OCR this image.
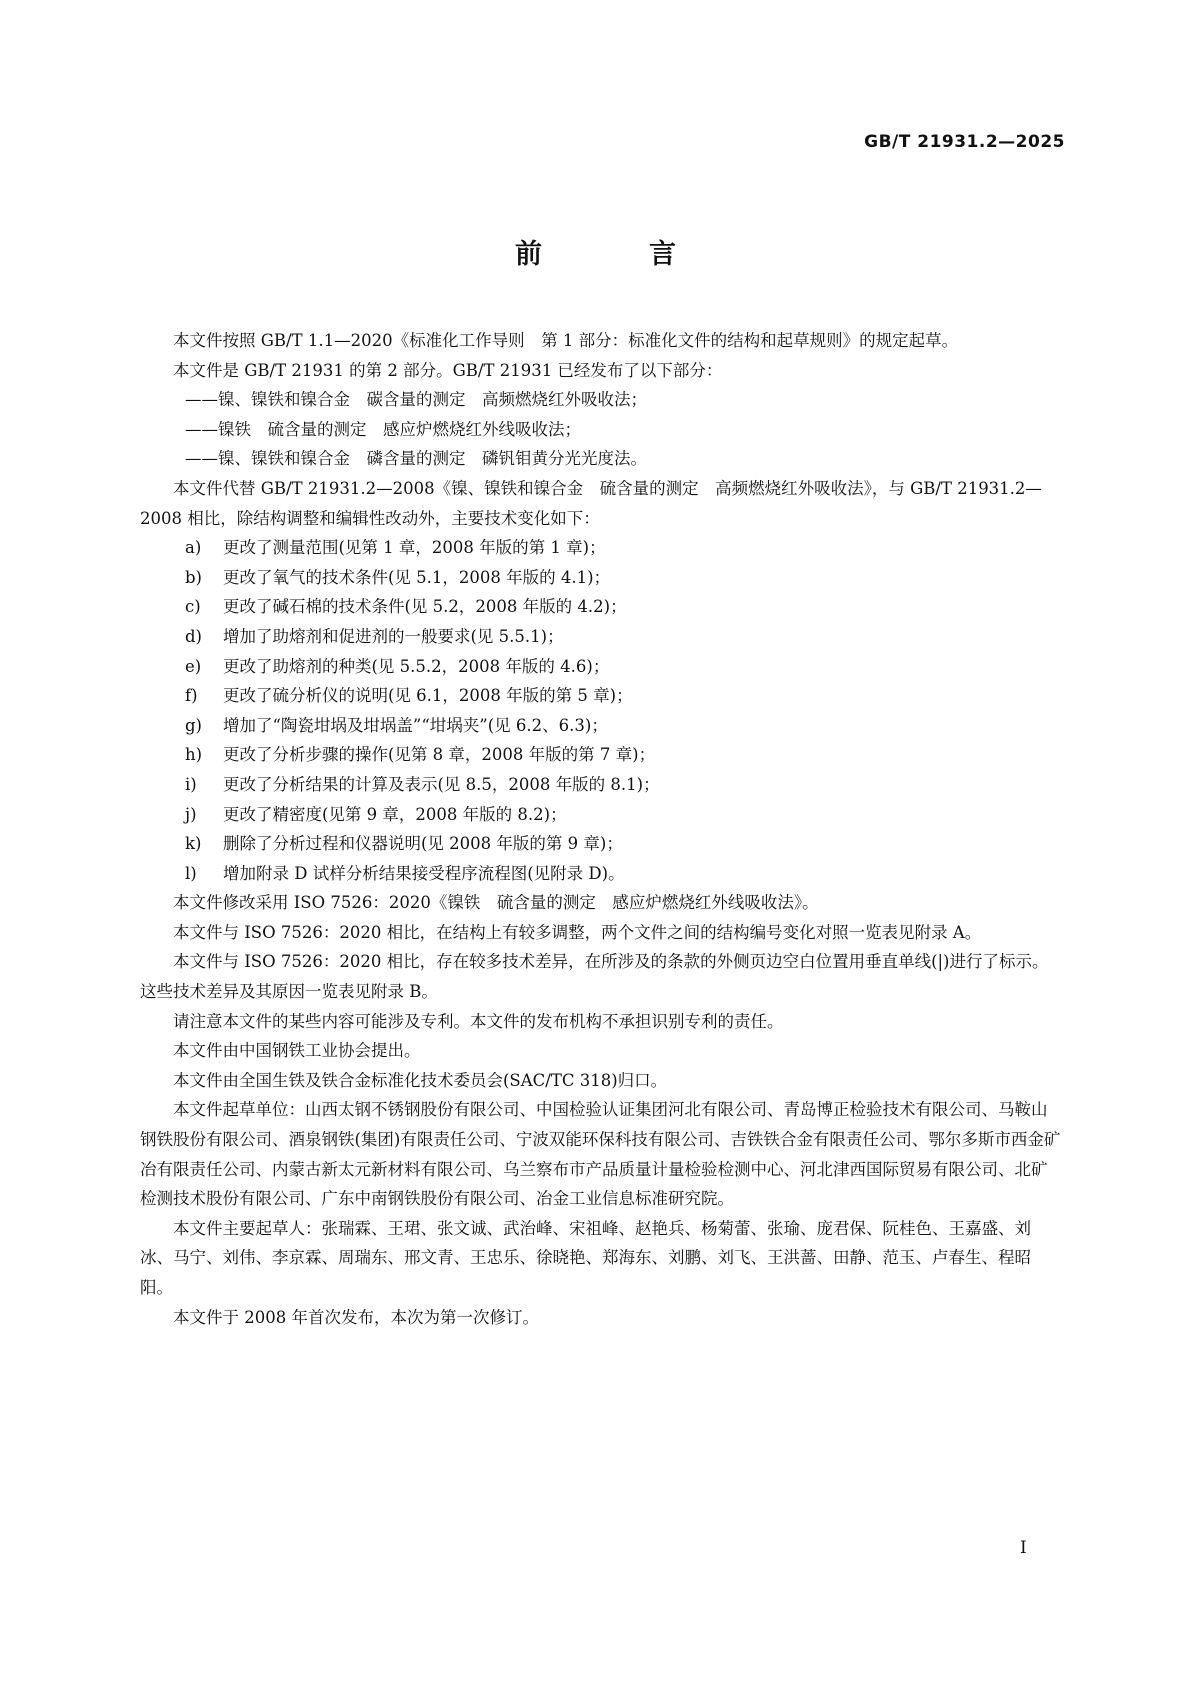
GB/T 21931.2—2025
前　言

本文件按照 GB/T 1.1—2020《标准化工作导则　第 1 部分：标准化文件的结构和起草规则》的规定起草。

本文件是 GB/T 21931 的第 2 部分。GB/T 21931 已经发布了以下部分：

——镍、镍铁和镍合金　碳含量的测定　高频燃烧红外吸收法；
——镍铁　硫含量的测定　感应炉燃烧红外线吸收法；
——镍、镍铁和镍合金　磷含量的测定　磷钒钼黄分光光度法。

本文件代替 GB/T 21931.2—2008《镍、镍铁和镍合金　硫含量的测定　高频燃烧红外吸收法》，与 GB/T 21931.2—2008 相比，除结构调整和编辑性改动外，主要技术变化如下：

a) 更改了测量范围(见第 1 章，2008 年版的第 1 章)；
b) 更改了氧气的技术条件(见 5.1，2008 年版的 4.1)；
c) 更改了碱石棉的技术条件(见 5.2，2008 年版的 4.2)；
d) 增加了助熔剂和促进剂的一般要求(见 5.5.1)；
e) 更改了助熔剂的种类(见 5.5.2，2008 年版的 4.6)；
f) 更改了硫分析仪的说明(见 6.1，2008 年版的第 5 章)；
g) 增加了“陶瓷坩埚及坩埚盖”“坩埚夹”(见 6.2、6.3)；
h) 更改了分析步骤的操作(见第 8 章，2008 年版的第 7 章)；
i) 更改了分析结果的计算及表示(见 8.5，2008 年版的 8.1)；
j) 更改了精密度(见第 9 章，2008 年版的 8.2)；
k) 删除了分析过程和仪器说明(见 2008 年版的第 9 章)；
l) 增加附录 D 试样分析结果接受程序流程图(见附录 D)。

本文件修改采用 ISO 7526：2020《镍铁　硫含量的测定　感应炉燃烧红外线吸收法》。

本文件与 ISO 7526：2020 相比，在结构上有较多调整，两个文件之间的结构编号变化对照一览表见附录 A。

本文件与 ISO 7526：2020 相比，存在较多技术差异，在所涉及的条款的外侧页边空白位置用垂直单线(|)进行了标示。这些技术差异及其原因一览表见附录 B。

请注意本文件的某些内容可能涉及专利。本文件的发布机构不承担识别专利的责任。

本文件由中国钢铁工业协会提出。

本文件由全国生铁及铁合金标准化技术委员会(SAC/TC 318)归口。

本文件起草单位：山西太钢不锈钢股份有限公司、中国检验认证集团河北有限公司、青岛博正检验技术有限公司、马鞍山钢铁股份有限公司、酒泉钢铁(集团)有限责任公司、宁波双能环保科技有限公司、吉铁铁合金有限责任公司、鄂尔多斯市西金矿冶有限责任公司、内蒙古新太元新材料有限公司、乌兰察布市产品质量计量检验检测中心、河北津西国际贸易有限公司、北矿检测技术股份有限公司、广东中南钢铁股份有限公司、冶金工业信息标准研究院。

本文件主要起草人：张瑞霖、王珺、张文诚、武治峰、宋祖峰、赵艳兵、杨菊蕾、张瑜、庞君保、阮桂色、王嘉盛、刘冰、马宁、刘伟、李京霖、周瑞东、邢文青、王忠乐、徐晓艳、郑海东、刘鹏、刘飞、王洪蔷、田静、范玉、卢春生、程昭阳。

本文件于 2008 年首次发布，本次为第一次修订。

I
